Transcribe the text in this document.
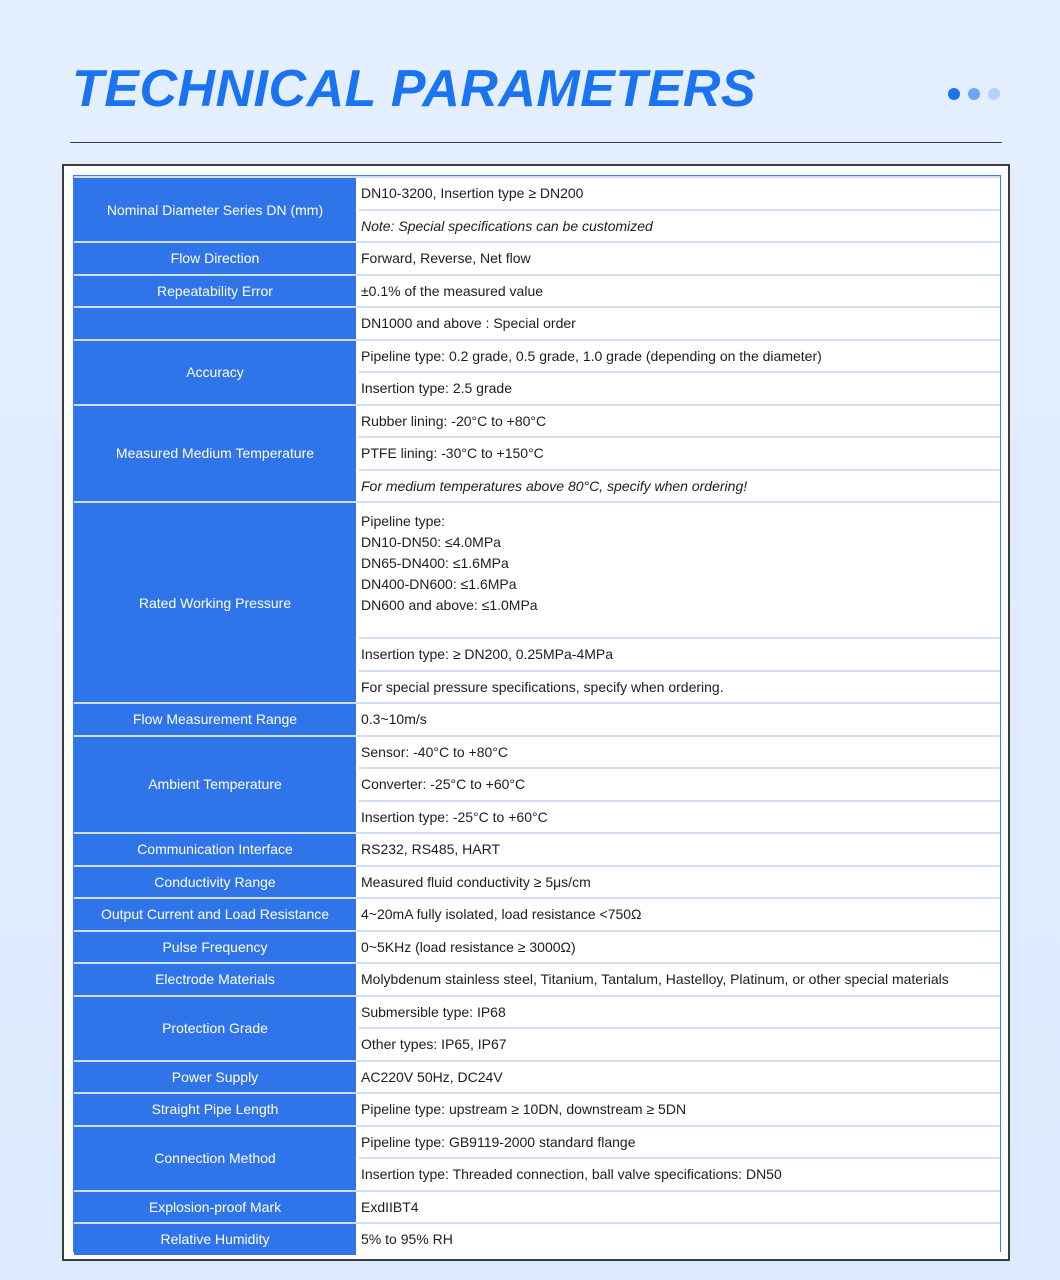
TECHNICAL PARAMETERS
Nominal Diameter Series DN (mm)	DN10-3200, Insertion type ≥ DN200
	Note: Special specifications can be customized
Flow Direction	Forward, Reverse, Net flow
Repeatability Error	±0.1% of the measured value
	DN1000 and above : Special order
Accuracy	Pipeline type: 0.2 grade, 0.5 grade, 1.0 grade (depending on the diameter)
	Insertion type: 2.5 grade
Measured Medium Temperature	Rubber lining: -20°C to +80°C
	PTFE lining: -30°C to +150°C
	For medium temperatures above 80°C, specify when ordering!
Rated Working Pressure	Pipeline type:
DN10-DN50: ≤4.0MPa
DN65-DN400: ≤1.6MPa
DN400-DN600: ≤1.6MPa
DN600 and above: ≤1.0MPa

	Insertion type: ≥ DN200, 0.25MPa-4MPa
	For special pressure specifications, specify when ordering.
Flow Measurement Range	0.3~10m/s
Ambient Temperature	Sensor: -40°C to +80°C
	Converter: -25°C to +60°C
	Insertion type: -25°C to +60°C
Communication Interface	RS232, RS485, HART
Conductivity Range	Measured fluid conductivity ≥ 5μs/cm
Output Current and Load Resistance	4~20mA fully isolated, load resistance <750Ω
Pulse Frequency	0~5KHz (load resistance ≥ 3000Ω)
Electrode Materials	Molybdenum stainless steel, Titanium, Tantalum, Hastelloy, Platinum, or other special materials
Protection Grade	Submersible type: IP68
	Other types: IP65, IP67
Power Supply	AC220V 50Hz, DC24V
Straight Pipe Length	Pipeline type: upstream ≥ 10DN, downstream ≥ 5DN
Connection Method	Pipeline type: GB9119-2000 standard flange
	Insertion type: Threaded connection, ball valve specifications: DN50
Explosion-proof Mark	ExdIIBT4
Relative Humidity	5% to 95% RH
